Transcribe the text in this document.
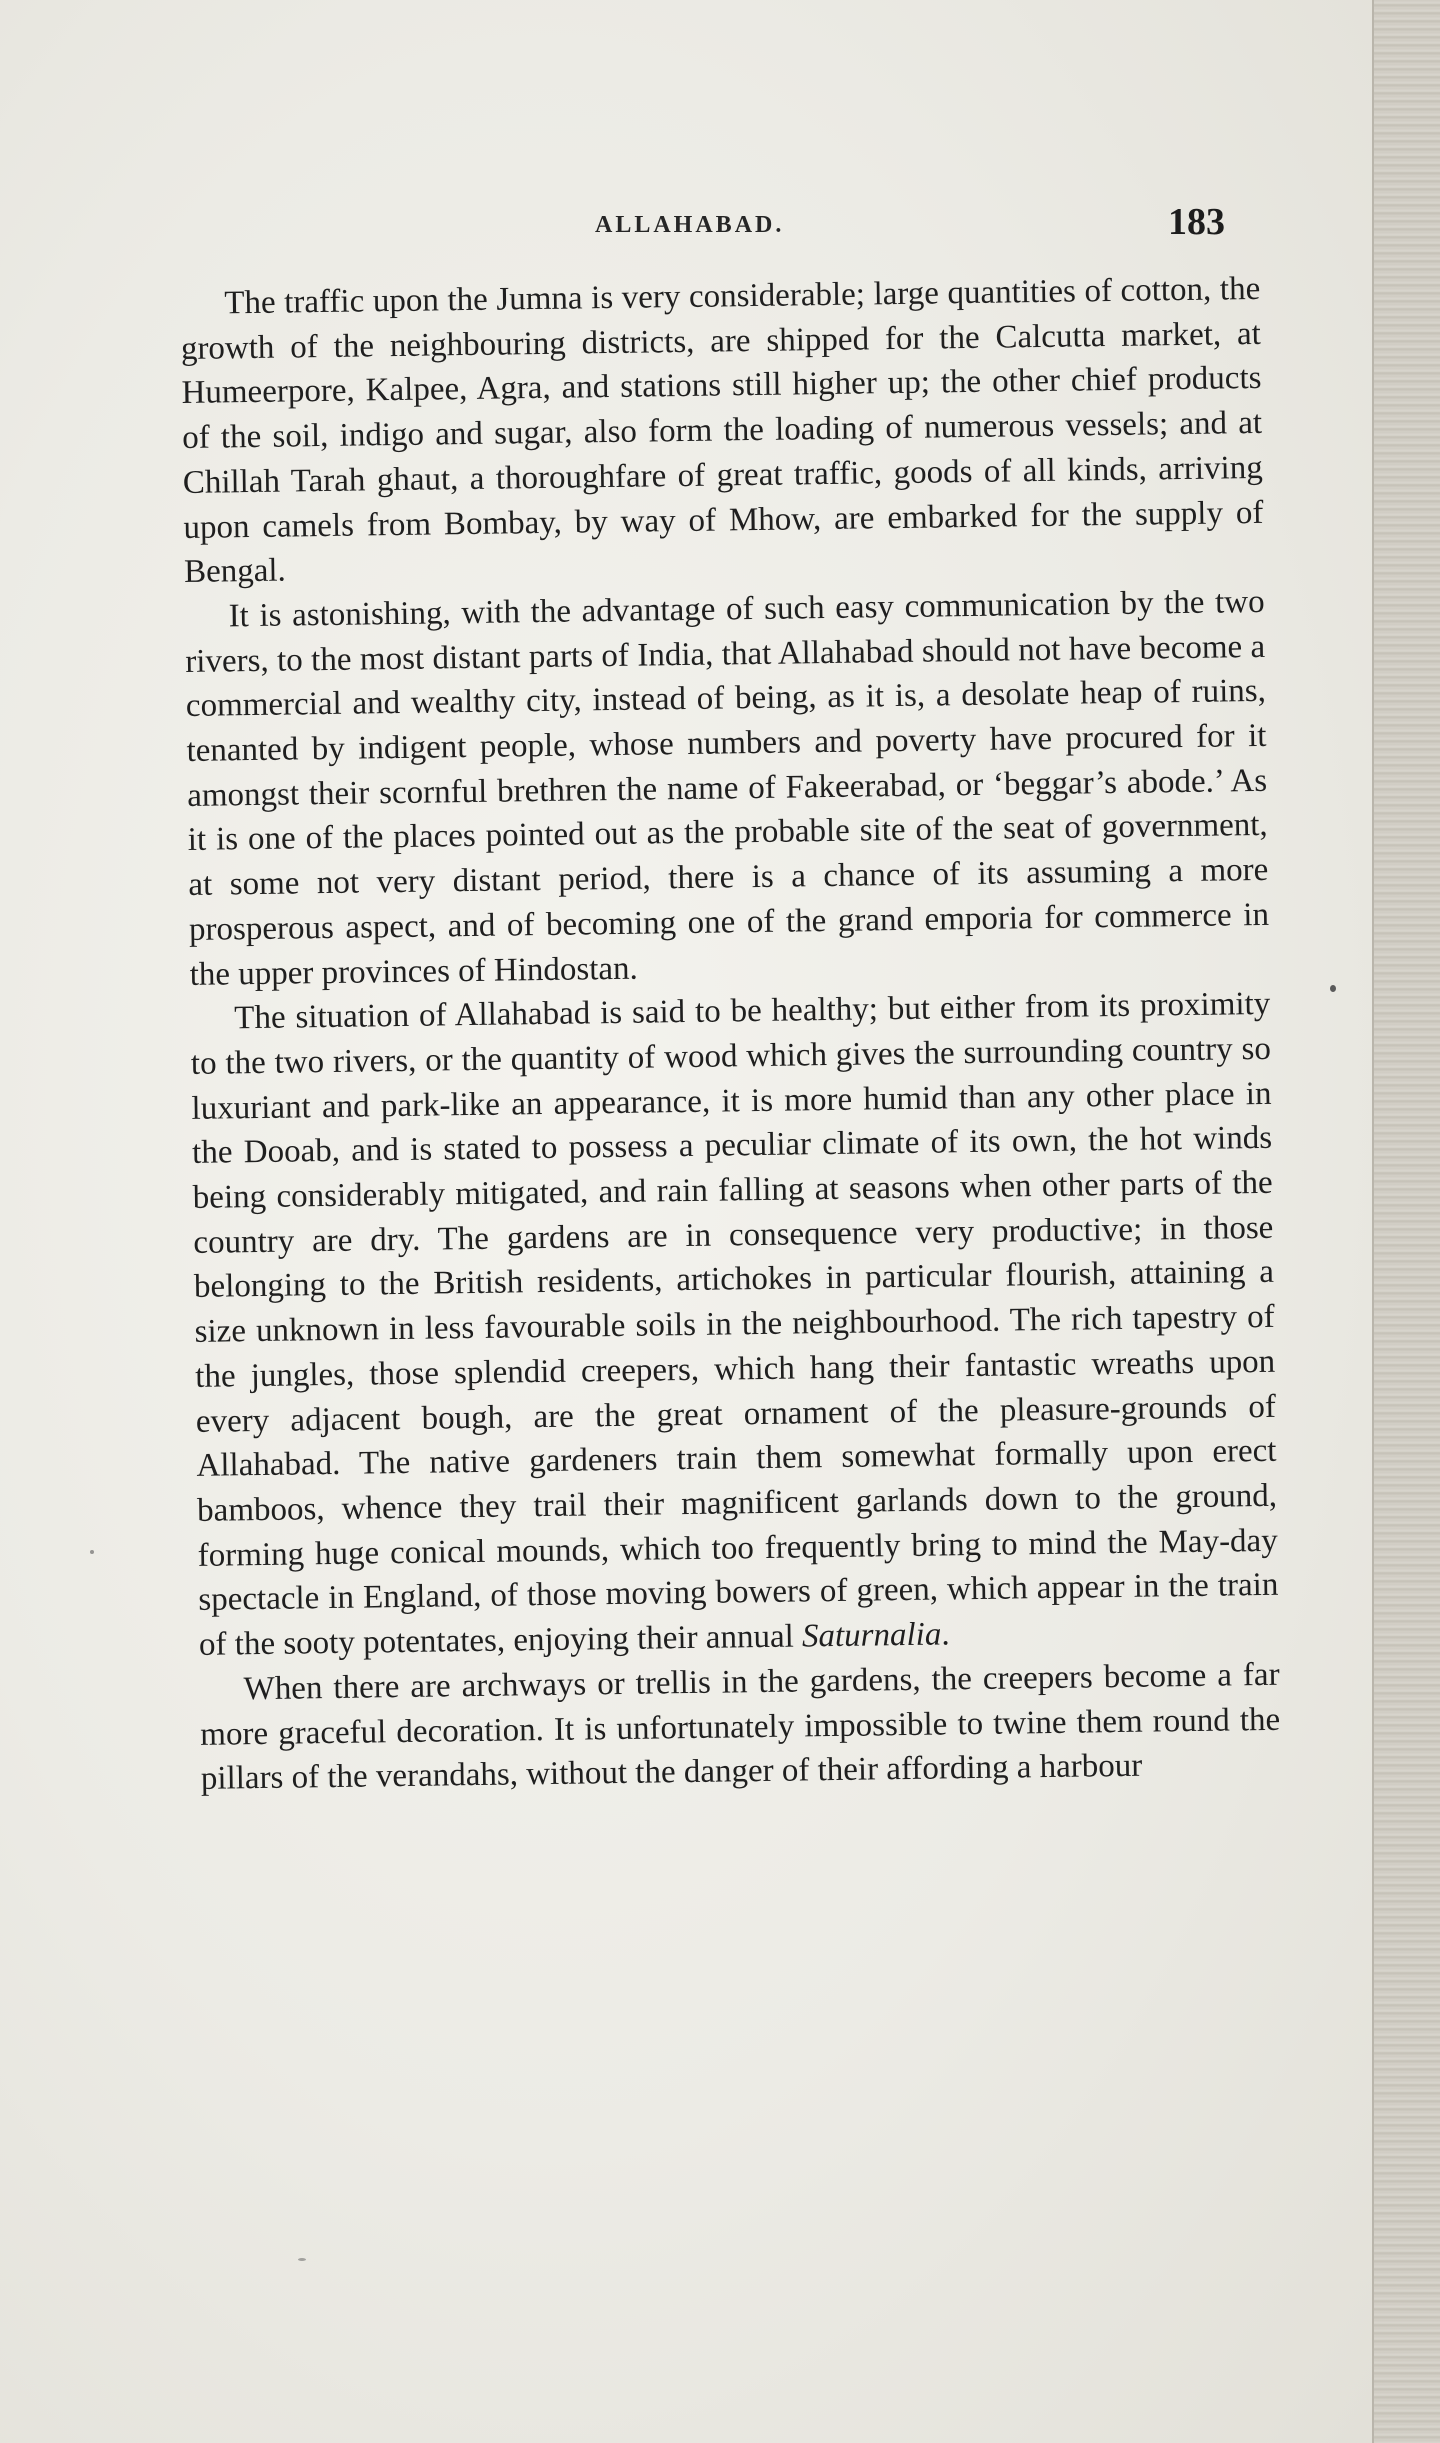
ALLAHABAD.	183

The traffic upon the Jumna is very considerable; large quantities of cotton, the growth of the neighbouring districts, are shipped for the Calcutta market, at Humeerpore, Kalpee, Agra, and stations still higher up; the other chief products of the soil, indigo and sugar, also form the loading of numerous vessels; and at Chillah Tarah ghaut, a thoroughfare of great traffic, goods of all kinds, arriving upon camels from Bombay, by way of Mhow, are embarked for the supply of Bengal.

It is astonishing, with the advantage of such easy communication by the two rivers, to the most distant parts of India, that Allahabad should not have become a commercial and wealthy city, instead of being, as it is, a desolate heap of ruins, tenanted by indigent people, whose numbers and poverty have procured for it amongst their scornful brethren the name of Fakeerabad, or ‘beggar’s abode.’ As it is one of the places pointed out as the probable site of the seat of government, at some not very distant period, there is a chance of its assuming a more prosperous aspect, and of becoming one of the grand emporia for commerce in the upper provinces of Hindostan.

The situation of Allahabad is said to be healthy; but either from its proximity to the two rivers, or the quantity of wood which gives the surrounding country so luxuriant and park-like an appearance, it is more humid than any other place in the Dooab, and is stated to possess a peculiar climate of its own, the hot winds being considerably mitigated, and rain falling at seasons when other parts of the country are dry. The gardens are in consequence very productive; in those belonging to the British residents, artichokes in particular flourish, attaining a size unknown in less favourable soils in the neighbourhood. The rich tapestry of the jungles, those splendid creepers, which hang their fantastic wreaths upon every adjacent bough, are the great ornament of the pleasure-grounds of Allahabad. The native gardeners train them somewhat formally upon erect bamboos, whence they trail their magnificent garlands down to the ground, forming huge conical mounds, which too frequently bring to mind the May-day spectacle in England, of those moving bowers of green, which appear in the train of the sooty potentates, enjoying their annual Saturnalia.

When there are archways or trellis in the gardens, the creepers become a far more graceful decoration. It is unfortunately impossible to twine them round the pillars of the verandahs, without the danger of their affording a harbour
